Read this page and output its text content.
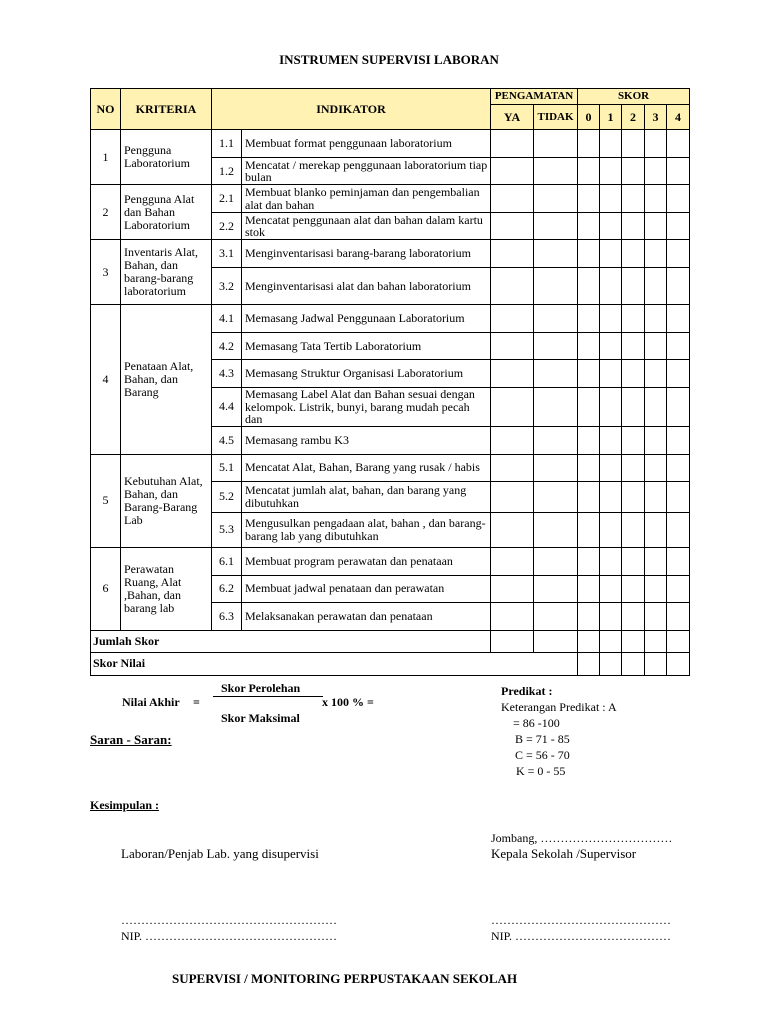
INSTRUMEN SUPERVISI LABORAN
NO	KRITERIA	INDIKATOR		PENGAMATAN		SKOR				
				YA	TIDAK	0	1	2	3	4
1	Pengguna Laboratorium	1.1	Membuat format penggunaan laboratorium							
		1.2	Mencatat / merekap penggunaan laboratorium tiap bulan							
2	Pengguna Alat dan Bahan Laboratorium	2.1	Membuat blanko peminjaman dan pengembalian alat dan bahan							
		2.2	Mencatat penggunaan alat dan bahan dalam kartu stok							
3	Inventaris Alat, Bahan, dan barang-barang laboratorium	3.1	Menginventarisasi barang-barang laboratorium							
		3.2	Menginventarisasi alat dan bahan laboratorium							
4	Penataan Alat, Bahan, dan Barang	4.1	Memasang Jadwal Penggunaan Laboratorium							
		4.2	Memasang Tata Tertib Laboratorium							
		4.3	Memasang Struktur Organisasi Laboratorium							
		4.4	Memasang Label Alat dan Bahan sesuai dengan kelompok. Listrik, bunyi, barang mudah pecah dan							
		4.5	Memasang rambu K3							
5	Kebutuhan Alat, Bahan, dan Barang-Barang Lab	5.1	Mencatat Alat, Bahan, Barang yang rusak / habis							
		5.2	Mencatat jumlah alat, bahan, dan barang yang dibutuhkan							
		5.3	Mengusulkan pengadaan alat, bahan , dan barang- barang lab yang dibutuhkan							
6	Perawatan Ruang, Alat ,Bahan, dan barang lab	6.1	Membuat program perawatan dan penataan							
		6.2	Membuat jadwal penataan dan perawatan							
		6.3	Melaksanakan perawatan dan penataan							
Jumlah Skor										
Skor Nilai										
Nilai Akhir =
Skor Perolehan
Skor Maksimal
x 100 % =
Predikat :
Keterangan Predikat : A
= 86 -100
B = 71 - 85
C = 56 - 70
K = 0 - 55
Saran - Saran:
Kesimpulan :
Jombang, ……………………………
Laboran/Penjab Lab. yang disupervisi	Kepala Sekolah /Supervisor
………………………………………………	………………………………………
NIP. …………………………………………	NIP. …………………………………
SUPERVISI / MONITORING PERPUSTAKAAN SEKOLAH
